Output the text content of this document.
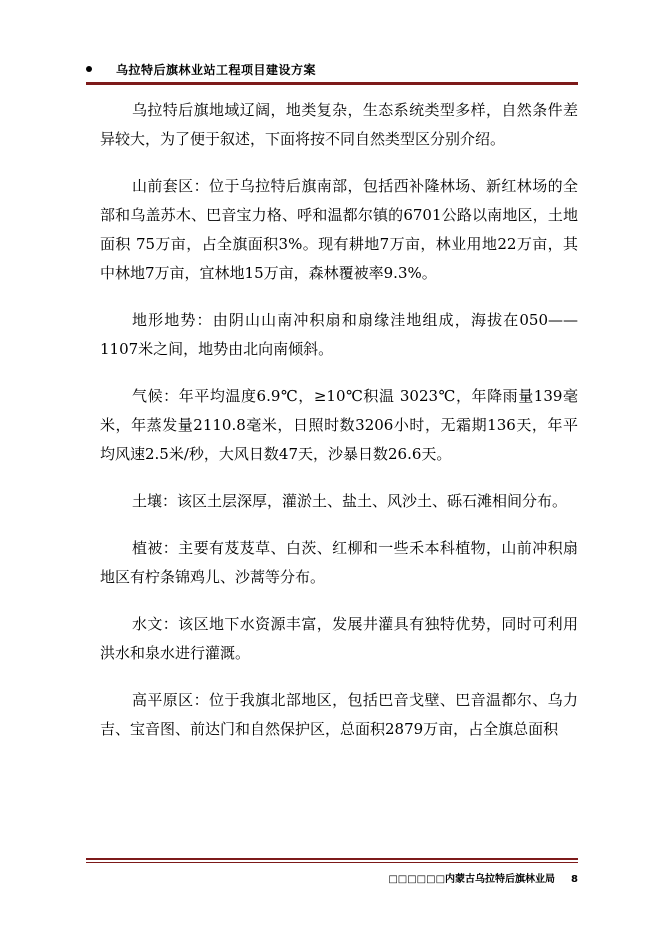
乌拉特后旗林业站工程项目建设方案

乌拉特后旗地域辽阔，地类复杂，生态系统类型多样，自然条件差异较大，为了便于叙述，下面将按不同自然类型区分别介绍。

山前套区：位于乌拉特后旗南部，包括西补隆林场、新红林场的全部和乌盖苏木、巴音宝力格、呼和温都尔镇的6701公路以南地区，土地面积 75万亩，占全旗面积3%。现有耕地7万亩，林业用地22万亩，其中林地7万亩，宜林地15万亩，森林覆被率9.3%。

地形地势：由阴山山南冲积扇和扇缘洼地组成，海拔在050——1107米之间，地势由北向南倾斜。

气候：年平均温度6.9℃，≥10℃积温 3023℃，年降雨量139毫米，年蒸发量2110.8毫米，日照时数3206小时，无霜期136天，年平均风速2.5米/秒，大风日数47天，沙暴日数26.6天。

土壤：该区土层深厚，灌淤土、盐土、风沙土、砾石滩相间分布。

植被：主要有芨芨草、白茨、红柳和一些禾本科植物，山前冲积扇地区有柠条锦鸡儿、沙蒿等分布。

水文：该区地下水资源丰富，发展井灌具有独特优势，同时可利用洪水和泉水进行灌溉。

高平原区：位于我旗北部地区，包括巴音戈壁、巴音温都尔、乌力吉、宝音图、前达门和自然保护区，总面积2879万亩，占全旗总面积

□□□□□□内蒙古乌拉特后旗林业局 8
